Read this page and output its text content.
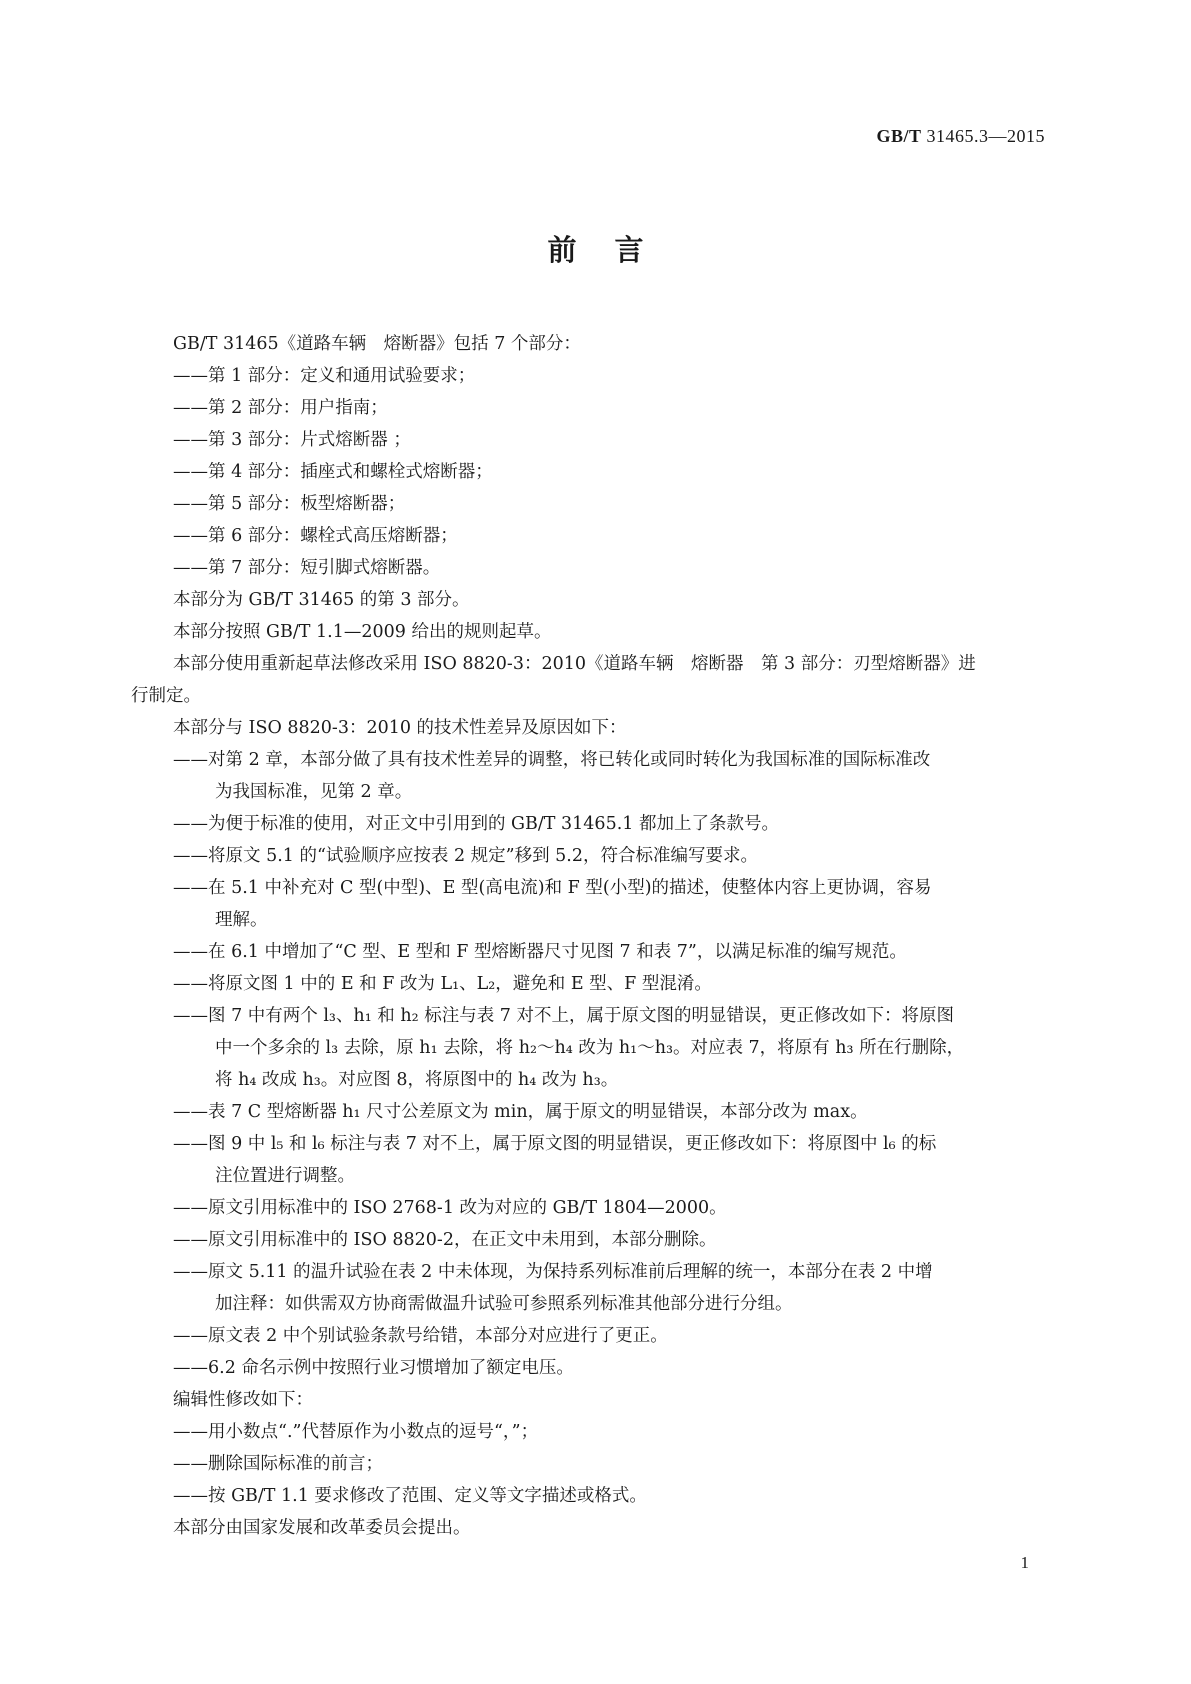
GB/T 31465.3—2015
前言
GB/T 31465《道路车辆　熔断器》包括 7 个部分：
——第 1 部分：定义和通用试验要求；
——第 2 部分：用户指南；
——第 3 部分：片式熔断器 ；
——第 4 部分：插座式和螺栓式熔断器；
——第 5 部分：板型熔断器；
——第 6 部分：螺栓式高压熔断器；
——第 7 部分：短引脚式熔断器。
本部分为 GB/T 31465 的第 3 部分。
本部分按照 GB/T 1.1—2009 给出的规则起草。
本部分使用重新起草法修改采用 ISO 8820-3：2010《道路车辆　熔断器　第 3 部分：刃型熔断器》进
行制定。
本部分与 ISO 8820-3：2010 的技术性差异及原因如下：
——对第 2 章，本部分做了具有技术性差异的调整，将已转化或同时转化为我国标准的国际标准改
为我国标准，见第 2 章。
——为便于标准的使用，对正文中引用到的 GB/T 31465.1 都加上了条款号。
——将原文 5.1 的“试验顺序应按表 2 规定”移到 5.2，符合标准编写要求。
——在 5.1 中补充对 C 型(中型)、E 型(高电流)和 F 型(小型)的描述，使整体内容上更协调，容易
理解。
——在 6.1 中增加了“C 型、E 型和 F 型熔断器尺寸见图 7 和表 7”，以满足标准的编写规范。
——将原文图 1 中的 E 和 F 改为 L₁、L₂，避免和 E 型、F 型混淆。
——图 7 中有两个 l₃、h₁ 和 h₂ 标注与表 7 对不上，属于原文图的明显错误，更正修改如下：将原图
中一个多余的 l₃ 去除，原 h₁ 去除，将 h₂～h₄ 改为 h₁～h₃。对应表 7，将原有 h₃ 所在行删除，
将 h₄ 改成 h₃。对应图 8，将原图中的 h₄ 改为 h₃。
——表 7 C 型熔断器 h₁ 尺寸公差原文为 min，属于原文的明显错误，本部分改为 max。
——图 9 中 l₅ 和 l₆ 标注与表 7 对不上，属于原文图的明显错误，更正修改如下：将原图中 l₆ 的标
注位置进行调整。
——原文引用标准中的 ISO 2768-1 改为对应的 GB/T 1804—2000。
——原文引用标准中的 ISO 8820-2，在正文中未用到，本部分删除。
——原文 5.11 的温升试验在表 2 中未体现，为保持系列标准前后理解的统一，本部分在表 2 中增
加注释：如供需双方协商需做温升试验可参照系列标准其他部分进行分组。
——原文表 2 中个别试验条款号给错，本部分对应进行了更正。
——6.2 命名示例中按照行业习惯增加了额定电压。
编辑性修改如下：
——用小数点“.”代替原作为小数点的逗号“，”；
——删除国际标准的前言；
——按 GB/T 1.1 要求修改了范围、定义等文字描述或格式。
本部分由国家发展和改革委员会提出。
1
